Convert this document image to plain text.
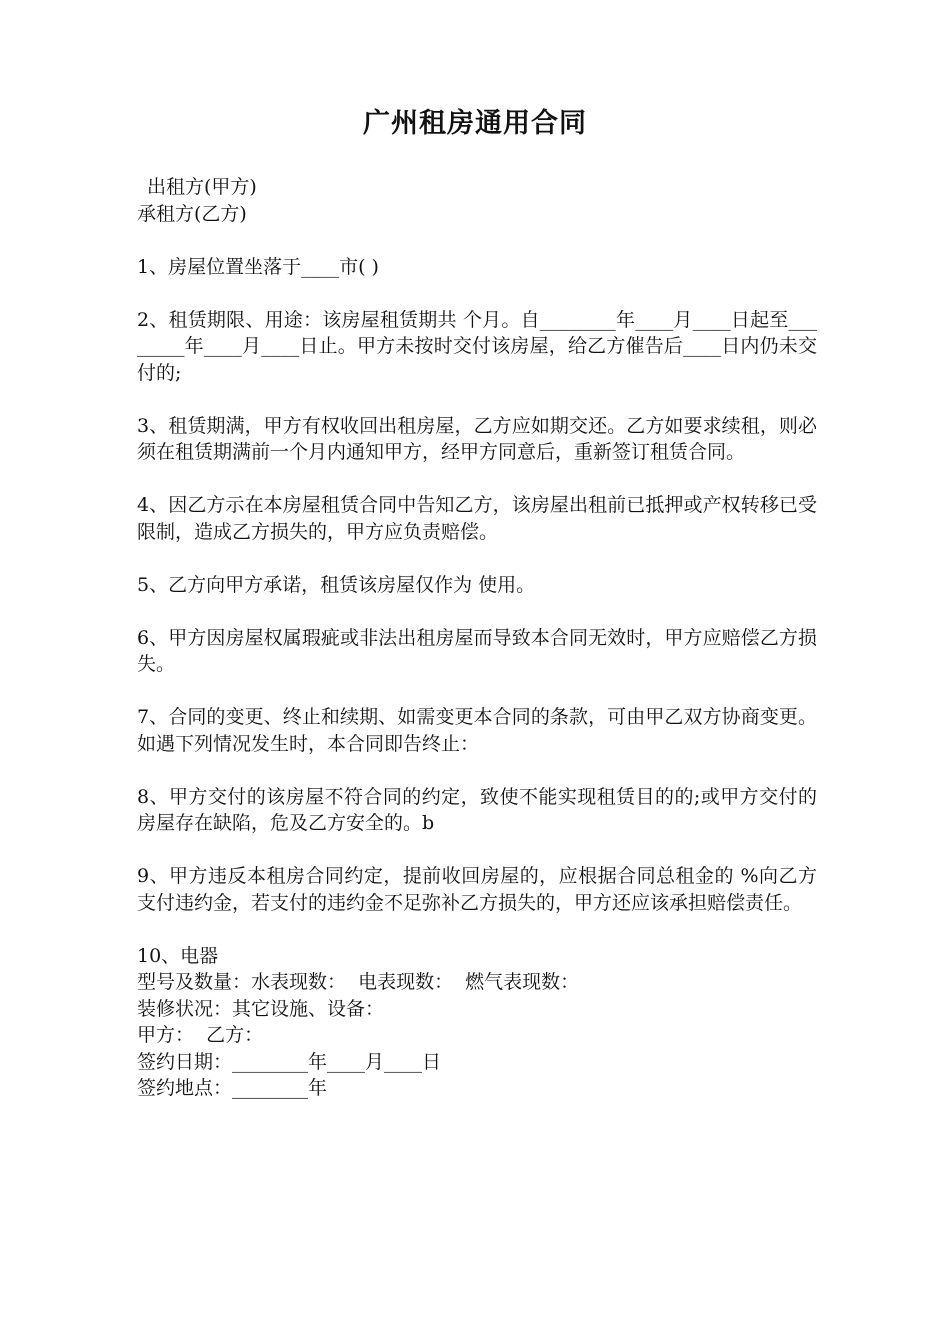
广州租房通用合同
出租方(甲方)
承租方(乙方)

1、房屋位置坐落于____市( )

2、租赁期限、用途：该房屋租赁期共 个月。自________年____月____日起至________年____月____日止。甲方未按时交付该房屋，给乙方催告后____日内仍未交付的;

3、租赁期满，甲方有权收回出租房屋，乙方应如期交还。乙方如要求续租，则必须在租赁期满前一个月内通知甲方，经甲方同意后，重新签订租赁合同。

4、因乙方示在本房屋租赁合同中告知乙方，该房屋出租前已抵押或产权转移已受限制，造成乙方损失的，甲方应负责赔偿。

5、乙方向甲方承诺，租赁该房屋仅作为 使用。

6、甲方因房屋权属瑕疵或非法出租房屋而导致本合同无效时，甲方应赔偿乙方损失。

7、合同的变更、终止和续期、如需变更本合同的条款，可由甲乙双方协商变更。如遇下列情况发生时，本合同即告终止：

8、甲方交付的该房屋不符合同的约定，致使不能实现租赁目的的;或甲方交付的房屋存在缺陷，危及乙方安全的。b

9、甲方违反本租房合同约定，提前收回房屋的，应根据合同总租金的 %向乙方支付违约金，若支付的违约金不足弥补乙方损失的，甲方还应该承担赔偿责任。

10、电器
型号及数量：水表现数：  电表现数：  燃气表现数：
装修状况：其它设施、设备：
甲方：  乙方：
签约日期：________年____月____日
签约地点：________年
